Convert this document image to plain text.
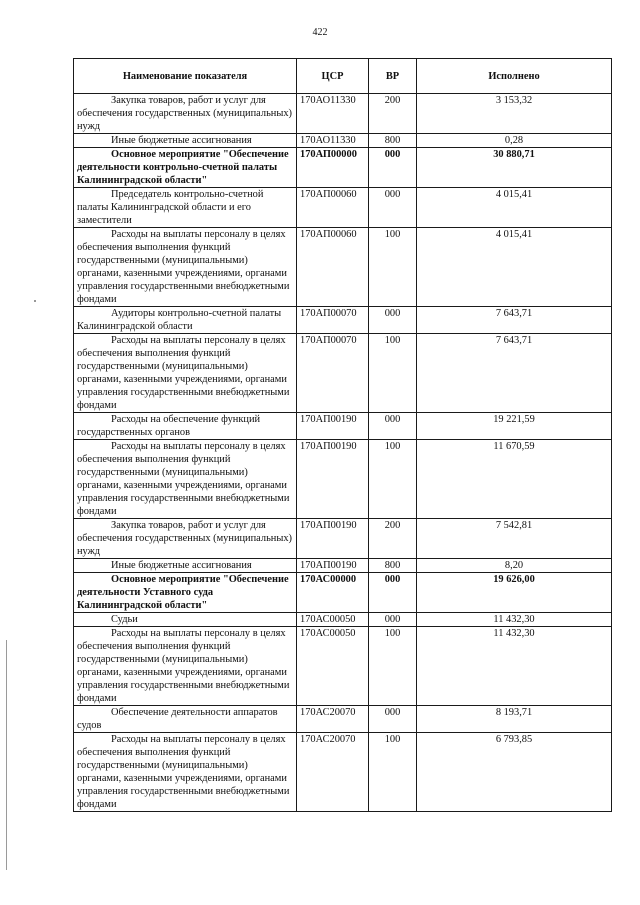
422
Наименование показателя	ЦСР	ВР	Исполнено
Закупка товаров, работ и услуг для обеспечения государственных (муниципальных) нужд	170АО11330	200	3 153,32
Иные бюджетные ассигнования	170АО11330	800	0,28
Основное мероприятие "Обеспечение деятельности контрольно-счетной палаты Калининградской области"	170АП00000	000	30 880,71
Председатель контрольно-счетной палаты Калининградской области и его заместители	170АП00060	000	4 015,41
Расходы на выплаты персоналу в целях обеспечения выполнения функций государственными (муниципальными) органами, казенными учреждениями, органами управления государственными внебюджетными фондами	170АП00060	100	4 015,41
Аудиторы контрольно-счетной палаты Калининградской области	170АП00070	000	7 643,71
Расходы на выплаты персоналу в целях обеспечения выполнения функций государственными (муниципальными) органами, казенными учреждениями, органами управления государственными внебюджетными фондами	170АП00070	100	7 643,71
Расходы на обеспечение функций государственных органов	170АП00190	000	19 221,59
Расходы на выплаты персоналу в целях обеспечения выполнения функций государственными (муниципальными) органами, казенными учреждениями, органами управления государственными внебюджетными фондами	170АП00190	100	11 670,59
Закупка товаров, работ и услуг для обеспечения государственных (муниципальных) нужд	170АП00190	200	7 542,81
Иные бюджетные ассигнования	170АП00190	800	8,20
Основное мероприятие "Обеспечение деятельности Уставного суда Калининградской области"	170АС00000	000	19 626,00
Судьи	170АС00050	000	11 432,30
Расходы на выплаты персоналу в целях обеспечения выполнения функций государственными (муниципальными) органами, казенными учреждениями, органами управления государственными внебюджетными фондами	170АС00050	100	11 432,30
Обеспечение деятельности аппаратов судов	170АС20070	000	8 193,71
Расходы на выплаты персоналу в целях обеспечения выполнения функций государственными (муниципальными) органами, казенными учреждениями, органами управления государственными внебюджетными фондами	170АС20070	100	6 793,85
